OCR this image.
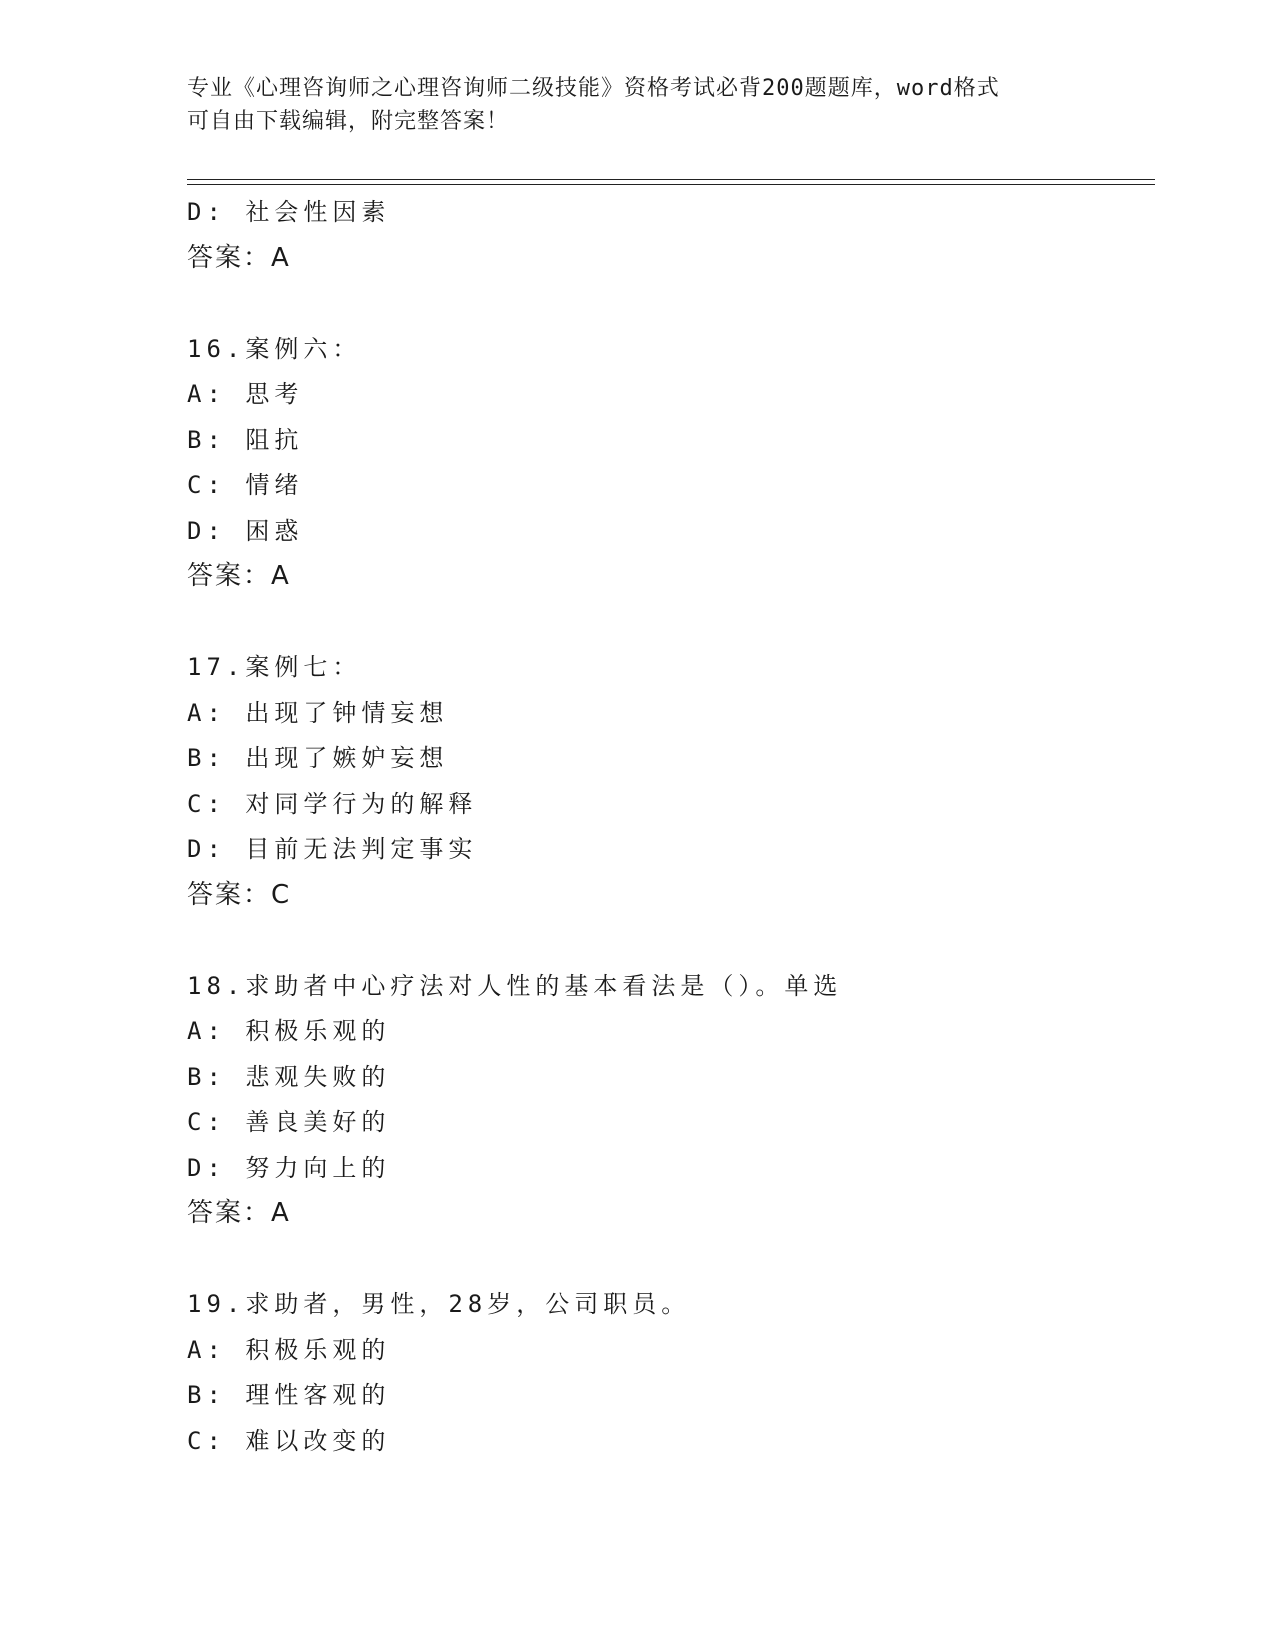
专业《心理咨询师之心理咨询师二级技能》资格考试必背200题题库，word格式
可自由下载编辑，附完整答案！
D: 社会性因素
答案：A
16.案例六：
A: 思考
B: 阻抗
C: 情绪
D: 困惑
答案：A
17.案例七：
A: 出现了钟情妄想
B: 出现了嫉妒妄想
C: 对同学行为的解释
D: 目前无法判定事实
答案：C
18.求助者中心疗法对人性的基本看法是（）。单选
A: 积极乐观的
B: 悲观失败的
C: 善良美好的
D: 努力向上的
答案：A
19.求助者，男性，28岁，公司职员。
A: 积极乐观的
B: 理性客观的
C: 难以改变的
